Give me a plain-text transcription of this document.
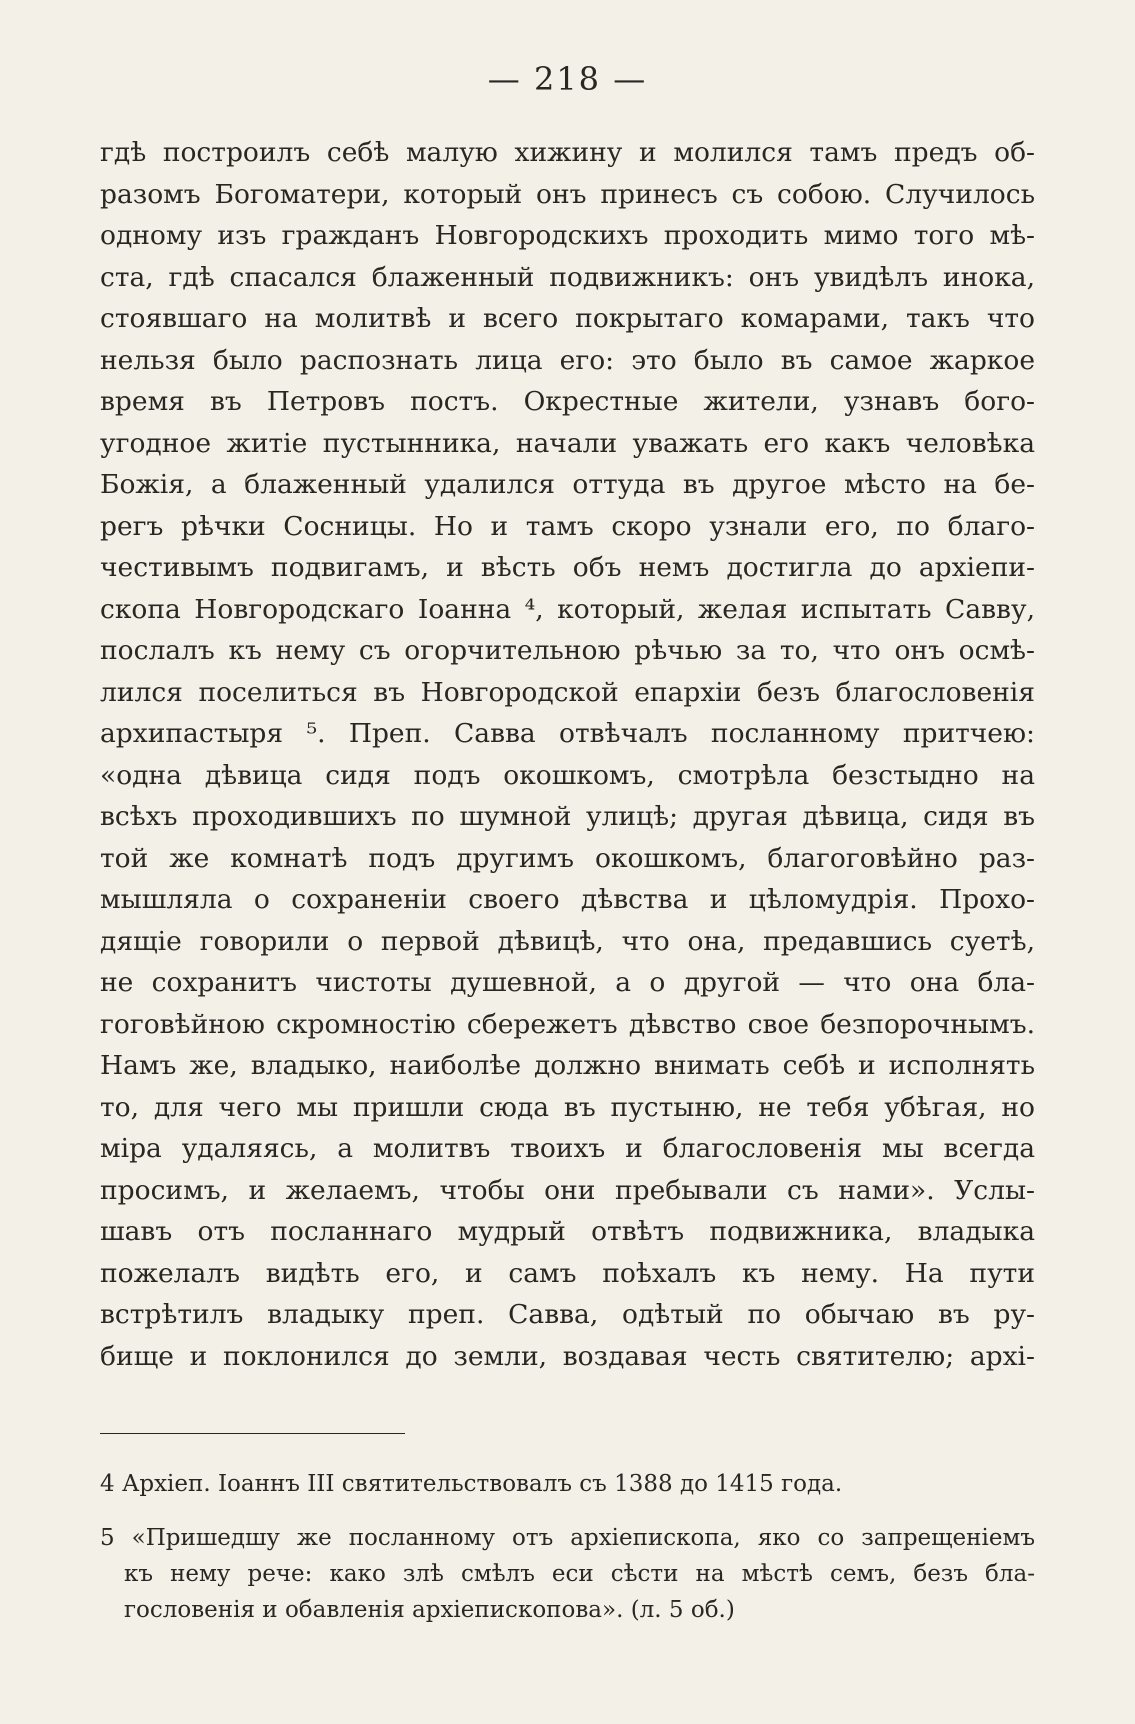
— 218 —
гдѣ построилъ себѣ малую хижину и молился тамъ предъ об-
разомъ Богоматери, который онъ принесъ съ собою. Случилось
одному изъ гражданъ Новгородскихъ проходить мимо того мѣ-
ста, гдѣ спасался блаженный подвижникъ: онъ увидѣлъ инока,
стоявшаго на молитвѣ и всего покрытаго комарами, такъ что
нельзя было распознать лица его: это было въ самое жаркое
время въ Петровъ постъ. Окрестные жители, узнавъ бого-
угодное житіе пустынника, начали уважать его какъ человѣка
Божія, а блаженный удалился оттуда въ другое мѣсто на бе-
регъ рѣчки Сосницы. Но и тамъ скоро узнали его, по благо-
честивымъ подвигамъ, и вѣсть объ немъ достигла до архіепи-
скопа Новгородскаго Іоанна ⁴, который, желая испытать Савву,
послалъ къ нему съ огорчительною рѣчью за то, что онъ осмѣ-
лился поселиться въ Новгородской епархіи безъ благословенія
архипастыря ⁵. Преп. Савва отвѣчалъ посланному притчею:
«одна дѣвица сидя подъ окошкомъ, смотрѣла безстыдно на
всѣхъ проходившихъ по шумной улицѣ; другая дѣвица, сидя въ
той же комнатѣ подъ другимъ окошкомъ, благоговѣйно раз-
мышляла о сохраненіи своего дѣвства и цѣломудрія. Прохо-
дящіе говорили о первой дѣвицѣ, что она, предавшись суетѣ,
не сохранитъ чистоты душевной, а о другой — что она бла-
гоговѣйною скромностію сбережетъ дѣвство свое безпорочнымъ.
Намъ же, владыко, наиболѣе должно внимать себѣ и исполнять
то, для чего мы пришли сюда въ пустыню, не тебя убѣгая, но
міра удаляясь, а молитвъ твоихъ и благословенія мы всегда
просимъ, и желаемъ, чтобы они пребывали съ нами». Услы-
шавъ отъ посланнаго мудрый отвѣтъ подвижника, владыка
пожелалъ видѣть его, и самъ поѣхалъ къ нему. На пути
встрѣтилъ владыку преп. Савва, одѣтый по обычаю въ ру-
бище и поклонился до земли, воздавая честь святителю; архі-
4 Архіеп. Іоаннъ III святительствовалъ съ 1388 до 1415 года.
5 «Пришедшу же посланному отъ архіепископа, яко со запрещеніемъ
къ нему рече: како злѣ смѣлъ еси сѣсти на мѣстѣ семъ, безъ бла-
гословенія и обавленія архіепископова». (л. 5 об.)
